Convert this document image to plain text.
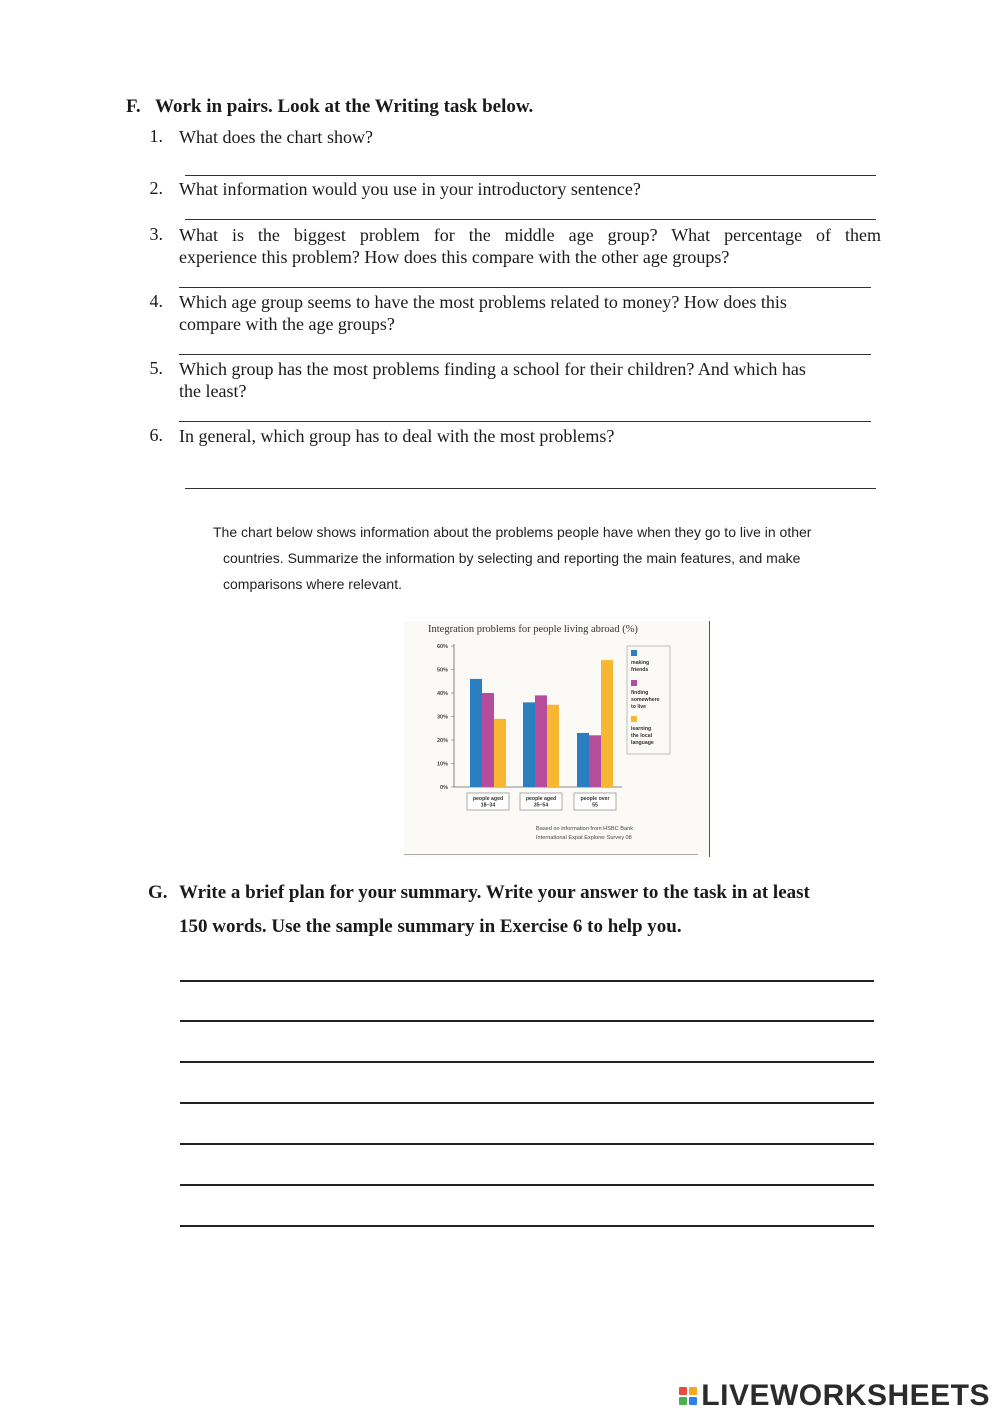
F. Work in pairs. Look at the Writing task below.
1. What does the chart show?
2. What information would you use in your introductory sentence?
3. What is the biggest problem for the middle age group? What percentage of them
experience this problem? How does this compare with the other age groups?
4. Which age group seems to have the most problems related to money? How does this
compare with the age groups?
5. Which group has the most problems finding a school for their children? And which has
the least?
6. In general, which group has to deal with the most problems?
The chart below shows information about the problems people have when they go to live in other
countries. Summarize the information by selecting and reporting the main features, and make
comparisons where relevant.
Integration problems for people living abroad (%)
60%
50%
40%
30%
20%
10%
0%
people aged
18–34
people aged
35–54
people over
55
making
friends
finding
somewhere
to live
learning
the local
language
Based on information from HSBC Bank
International Expat Explorer Survey 08
G. Write a brief plan for your summary. Write your answer to the task in at least
150 words. Use the sample summary in Exercise 6 to help you.
LIVEWORKSHEETS
